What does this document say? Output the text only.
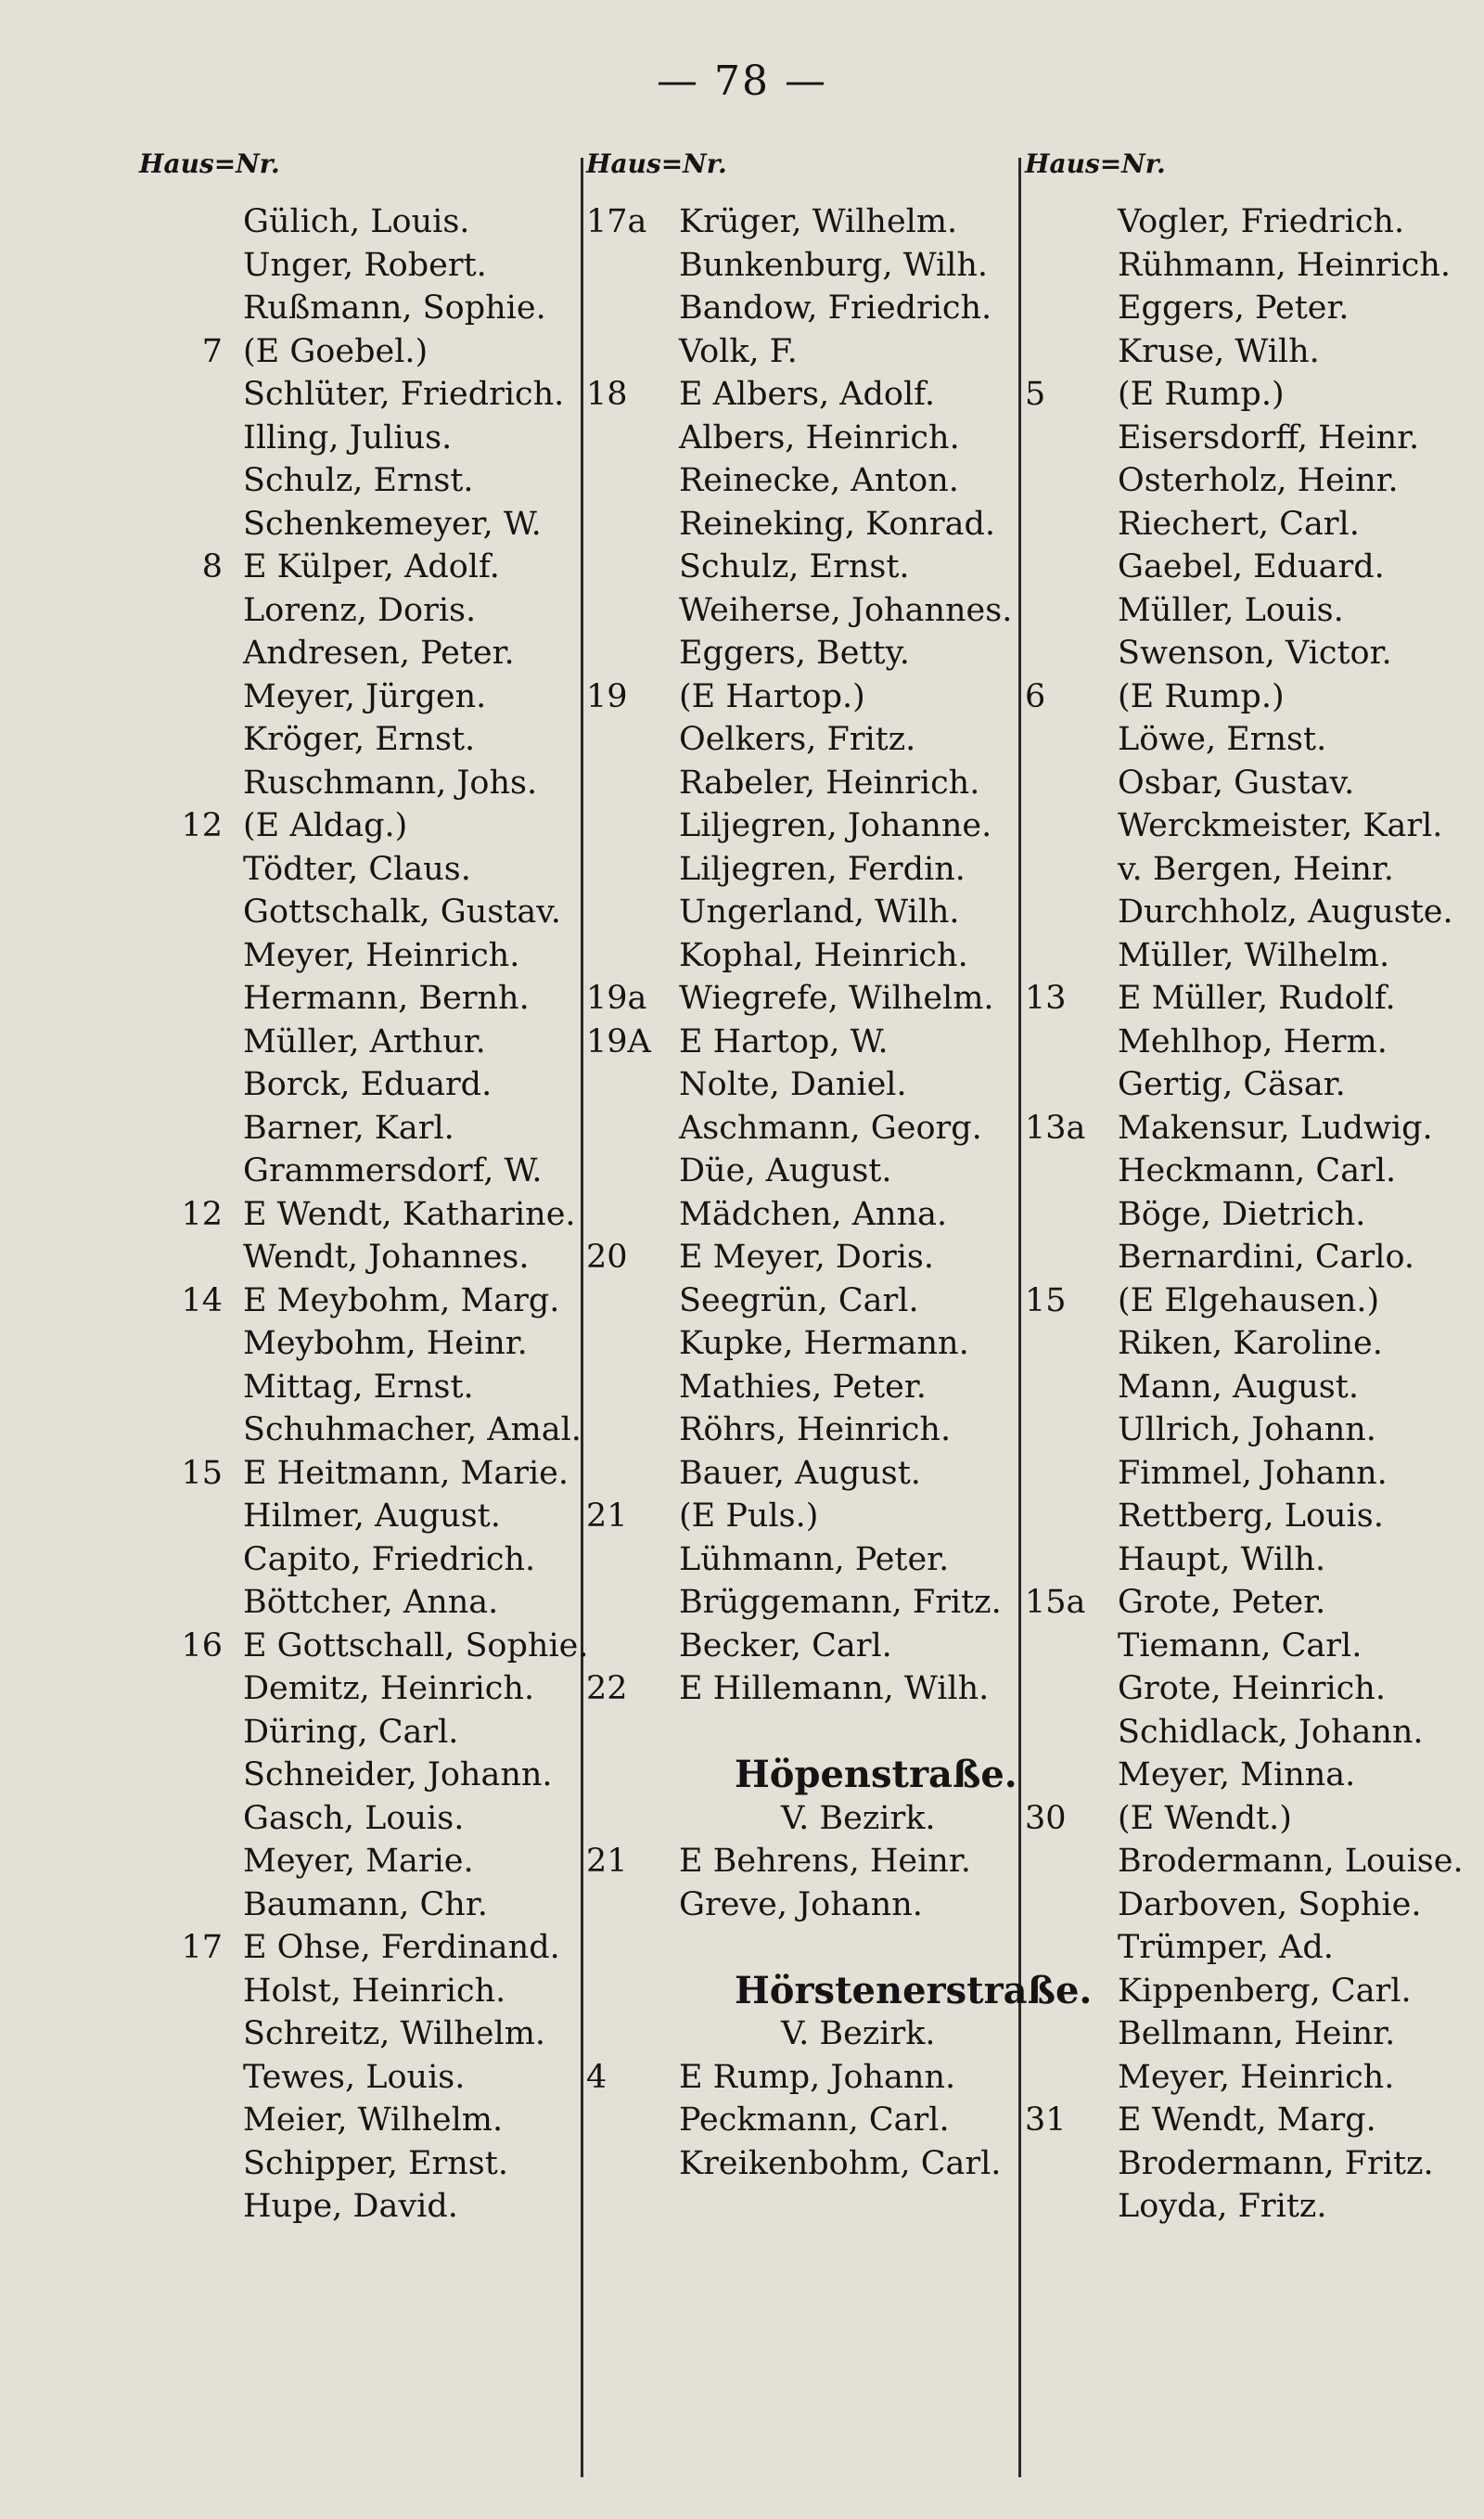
— 78 —
Haus=Nr.
Gülich, Louis.
Unger, Robert.
Rußmann, Sophie.
7 (E Goebel.)
Schlüter, Friedrich.
Illing, Julius.
Schulz, Ernst.
Schenkemeyer, W.
8 E Külper, Adolf.
Lorenz, Doris.
Andresen, Peter.
Meyer, Jürgen.
Kröger, Ernst.
Ruschmann, Johs.
12 (E Aldag.)
Tödter, Claus.
Gottschalk, Gustav.
Meyer, Heinrich.
Hermann, Bernh.
Müller, Arthur.
Borck, Eduard.
Barner, Karl.
Grammersdorf, W.
12 E Wendt, Katharine.
Wendt, Johannes.
14 E Meybohm, Marg.
Meybohm, Heinr.
Mittag, Ernst.
Schuhmacher, Amal.
15 E Heitmann, Marie.
Hilmer, August.
Capito, Friedrich.
Böttcher, Anna.
16 E Gottschall, Sophie.
Demitz, Heinrich.
Düring, Carl.
Schneider, Johann.
Gasch, Louis.
Meyer, Marie.
Baumann, Chr.
17 E Ohse, Ferdinand.
Holst, Heinrich.
Schreitz, Wilhelm.
Tewes, Louis.
Meier, Wilhelm.
Schipper, Ernst.
Hupe, David.
Haus=Nr.
17a Krüger, Wilhelm.
Bunkenburg, Wilh.
Bandow, Friedrich.
Volk, F.
18	E Albers, Adolf.
Albers, Heinrich.
Reinecke, Anton.
Reineking, Konrad.
Schulz, Ernst.
Weiherse, Johannes.
Eggers, Betty.
19	(E Hartop.)
Oelkers, Fritz.
Rabeler, Heinrich.
Liljegren, Johanne.
Liljegren, Ferdin.
Ungerland, Wilh.
Kophal, Heinrich.
19a Wiegrefe, Wilhelm.
19A E Hartop, W.
Nolte, Daniel.
Aschmann, Georg.
Düe, August.
Mädchen, Anna.
20	E Meyer, Doris.
Seegrün, Carl.
Kupke, Hermann.
Mathies, Peter.
Röhrs, Heinrich.
Bauer, August.
21	(E Puls.)
Lühmann, Peter.
Brüggemann, Fritz.
Becker, Carl.
22	E Hillemann, Wilh.
Höpenstraße.
V. Bezirk.
21	E Behrens, Heinr.
Greve, Johann.
Hörstenerstraße.
V. Bezirk.
4	E Rump, Johann.
Peckmann, Carl.
Kreikenbohm, Carl.
Haus=Nr.
Vogler, Friedrich.
Rühmann, Heinrich.
Eggers, Peter.
Kruse, Wilh.
5	(E Rump.)
Eisersdorff, Heinr.
Osterholz, Heinr.
Riechert, Carl.
Gaebel, Eduard.
Müller, Louis.
Swenson, Victor.
6	(E Rump.)
Löwe, Ernst.
Osbar, Gustav.
Werckmeister, Karl.
v. Bergen, Heinr.
Durchholz, Auguste.
Müller, Wilhelm.
13	E Müller, Rudolf.
Mehlhop, Herm.
Gertig, Cäsar.
13a Makensur, Ludwig.
Heckmann, Carl.
Böge, Dietrich.
Bernardini, Carlo.
15	(E Elgehausen.)
Riken, Karoline.
Mann, August.
Ullrich, Johann.
Fimmel, Johann.
Rettberg, Louis.
Haupt, Wilh.
15a Grote, Peter.
Tiemann, Carl.
Grote, Heinrich.
Schidlack, Johann.
Meyer, Minna.
30	(E Wendt.)
Brodermann, Louise.
Darboven, Sophie.
Trümper, Ad.
Kippenberg, Carl.
Bellmann, Heinr.
Meyer, Heinrich.
31	E Wendt, Marg.
Brodermann, Fritz.
Loyda, Fritz.
